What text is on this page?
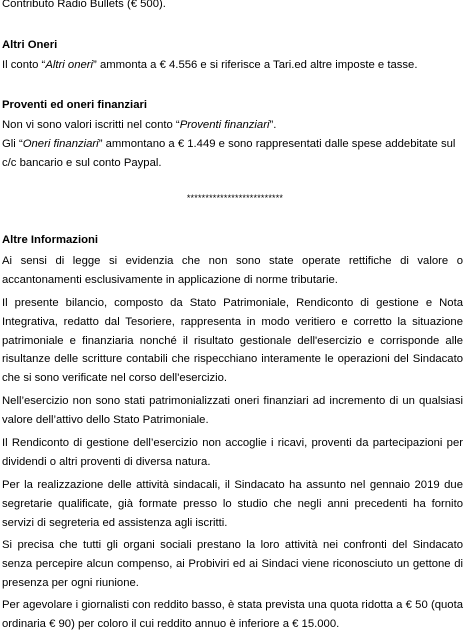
Contributo Radio Bullets (€ 500).

Altri Oneri

Il conto “Altri oneri” ammonta a € 4.556 e si riferisce a Tari.ed altre imposte e tasse.

Proventi ed oneri finanziari

Non vi sono valori iscritti nel conto “Proventi finanziari”.

Gli “Oneri finanziari” ammontano a € 1.449 e sono rappresentati dalle spese addebitate sul

c/c bancario e sul conto Paypal.

**************************

Altre Informazioni

Ai sensi di legge si evidenzia che non sono state operate rettifiche di valore o accantonamenti esclusivamente in applicazione di norme tributarie.

Il presente bilancio, composto da Stato Patrimoniale, Rendiconto di gestione e Nota Integrativa, redatto dal Tesoriere, rappresenta in modo veritiero e corretto la situazione patrimoniale e finanziaria nonché il risultato gestionale dell'esercizio e corrisponde alle risultanze delle scritture contabili che rispecchiano interamente le operazioni del Sindacato che si sono verificate nel corso dell'esercizio.

Nell’esercizio non sono stati patrimonializzati oneri finanziari ad incremento di un qualsiasi valore dell’attivo dello Stato Patrimoniale.

Il Rendiconto di gestione dell’esercizio non accoglie i ricavi, proventi da partecipazioni per dividendi o altri proventi di diversa natura.

Per la realizzazione delle attività sindacali, il Sindacato ha assunto nel gennaio 2019 due segretarie qualificate, già formate presso lo studio che negli anni precedenti ha fornito servizi di segreteria ed assistenza agli iscritti.

Si precisa che tutti gli organi sociali prestano la loro attività nei confronti del Sindacato senza percepire alcun compenso, ai Probiviri ed ai Sindaci viene riconosciuto un gettone di presenza per ogni riunione.

Per agevolare i giornalisti con reddito basso, è stata prevista una quota ridotta a € 50 (quota ordinaria € 90) per coloro il cui reddito annuo è inferiore a € 15.000.
